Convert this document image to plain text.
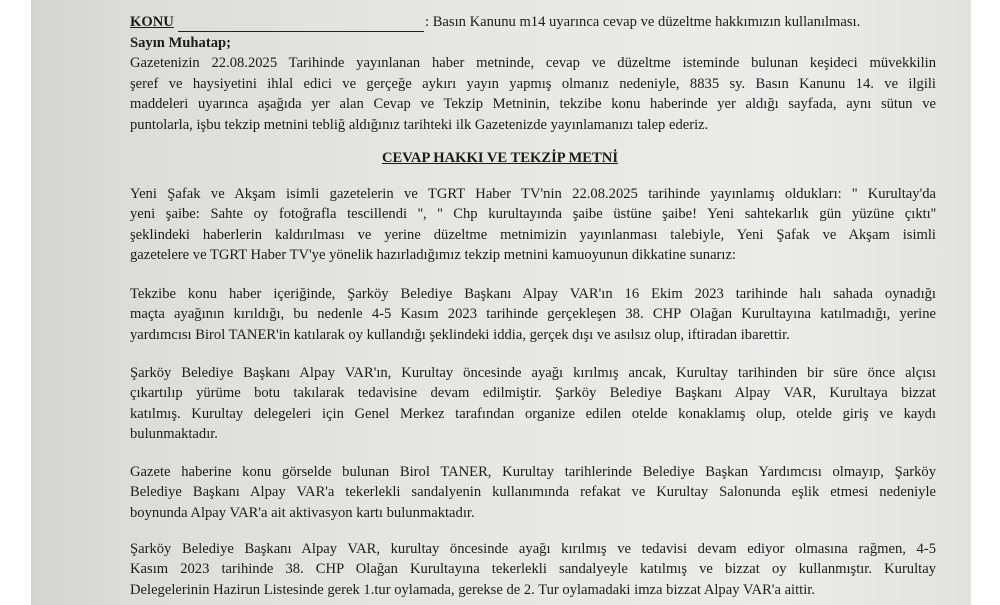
KONU	: Basın Kanunu m14 uyarınca cevap ve düzeltme hakkımızın kullanılması.
Sayın Muhatap;
Gazetenizin 22.08.2025 Tarihinde yayınlanan haber metninde, cevap ve düzeltme isteminde bulunan keşideci müvekkilin
şeref ve haysiyetini ihlal edici ve gerçeğe aykırı yayın yapmış olmanız nedeniyle, 8835 sy. Basın Kanunu 14. ve ilgili
maddeleri uyarınca aşağıda yer alan Cevap ve Tekzip Metninin, tekzibe konu haberinde yer aldığı sayfada, aynı sütun ve
puntolarla, işbu tekzip metnini tebliğ aldığınız tarihteki ilk Gazetenizde yayınlamanızı talep ederiz.
CEVAP HAKKI VE TEKZİP METNİ
Yeni Şafak ve Akşam isimli gazetelerin ve TGRT Haber TV'nin 22.08.2025 tarihinde yayınlamış oldukları: '' Kurultay'da
yeni şaibe: Sahte oy fotoğrafla tescillendi '', '' Chp kurultayında şaibe üstüne şaibe! Yeni sahtekarlık gün yüzüne çıktı''
şeklindeki haberlerin kaldırılması ve yerine düzeltme metnimizin yayınlanması talebiyle, Yeni Şafak ve Akşam isimli
gazetelere ve TGRT Haber TV'ye yönelik hazırladığımız tekzip metnini kamuoyunun dikkatine sunarız:
Tekzibe konu haber içeriğinde, Şarköy Belediye Başkanı Alpay VAR'ın 16 Ekim 2023 tarihinde halı sahada oynadığı
maçta ayağının kırıldığı, bu nedenle 4-5 Kasım 2023 tarihinde gerçekleşen 38. CHP Olağan Kurultayına katılmadığı, yerine
yardımcısı Birol TANER'in katılarak oy kullandığı şeklindeki iddia, gerçek dışı ve asılsız olup, iftiradan ibarettir.
Şarköy Belediye Başkanı Alpay VAR'ın, Kurultay öncesinde ayağı kırılmış ancak, Kurultay tarihinden bir süre önce alçısı
çıkartılıp yürüme botu takılarak tedavisine devam edilmiştir. Şarköy Belediye Başkanı Alpay VAR, Kurultaya bizzat
katılmış. Kurultay delegeleri için Genel Merkez tarafından organize edilen otelde konaklamış olup, otelde giriş ve kaydı
bulunmaktadır.
Gazete haberine konu görselde bulunan Birol TANER, Kurultay tarihlerinde Belediye Başkan Yardımcısı olmayıp, Şarköy
Belediye Başkanı Alpay VAR'a tekerlekli sandalyenin kullanımında refakat ve Kurultay Salonunda eşlik etmesi nedeniyle
boynunda Alpay VAR'a ait aktivasyon kartı bulunmaktadır.
Şarköy Belediye Başkanı Alpay VAR, kurultay öncesinde ayağı kırılmış ve tedavisi devam ediyor olmasına rağmen, 4-5
Kasım 2023 tarihinde 38. CHP Olağan Kurultayına tekerlekli sandalyeyle katılmış ve bizzat oy kullanmıştır. Kurultay
Delegelerinin Hazirun Listesinde gerek 1.tur oylamada, gerekse de 2. Tur oylamadaki imza bizzat Alpay VAR'a aittir.
